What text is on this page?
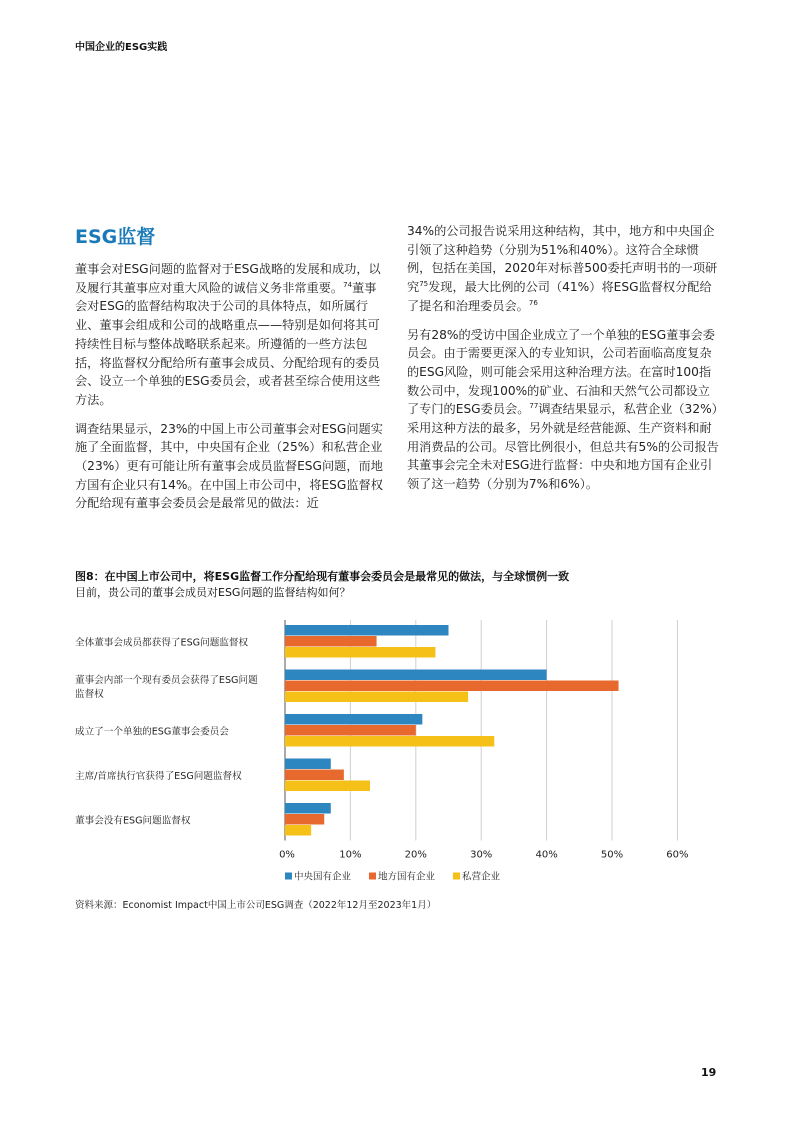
中国企业的ESG实践
ESG监督

董事会对ESG问题的监督对于ESG战略的发展和成功，以及履行其董事应对重大风险的诚信义务非常重要。$^{74}$董事会对ESG的监督结构取决于公司的具体特点，如所属行业、董事会组成和公司的战略重点——特别是如何将其可持续性目标与整体战略联系起来。所遵循的一些方法包括，将监督权分配给所有董事会成员、分配给现有的委员会、设立一个单独的ESG委员会，或者甚至综合使用这些方法。

调查结果显示，23%的中国上市公司董事会对ESG问题实施了全面监督，其中，中央国有企业（25%）和私营企业（23%）更有可能让所有董事会成员监督ESG问题，而地方国有企业只有14%。在中国上市公司中，将ESG监督权分配给现有董事会委员会是最常见的做法：近

34%的公司报告说采用这种结构，其中，地方和中央国企引领了这种趋势（分别为51%和40%）。这符合全球惯例，包括在美国，2020年对标普500委托声明书的一项研究$^{75}$发现，最大比例的公司（41%）将ESG监督权分配给了提名和治理委员会。$^{76}$

另有28%的受访中国企业成立了一个单独的ESG董事会委员会。由于需要更深入的专业知识，公司若面临高度复杂的ESG风险，则可能会采用这种治理方法。在富时100指数公司中，发现100%的矿业、石油和天然气公司都设立了专门的ESG委员会。$^{77}$调查结果显示，私营企业（32%）采用这种方法的最多，另外就是经营能源、生产资料和耐用消费品的公司。尽管比例很小，但总共有5%的公司报告其董事会完全未对ESG进行监督：中央和地方国有企业引领了这一趋势（分别为7%和6%）。

图8：在中国上市公司中，将ESG监督工作分配给现有董事会委员会是最常见的做法，与全球惯例一致
目前，贵公司的董事会成员对ESG问题的监督结构如何？
0%	10%	20%	30%	40%	50%	60%
全体董事会成员都获得了ESG问题监督权
董事会内部一个现有委员会获得了ESG问题
监督权
成立了一个单独的ESG董事会委员会
主席/首席执行官获得了ESG问题监督权
董事会没有ESG问题监督权
中央国有企业	地方国有企业	私营企业
资料来源：Economist Impact中国上市公司ESG调查（2022年12月至2023年1月）
19
